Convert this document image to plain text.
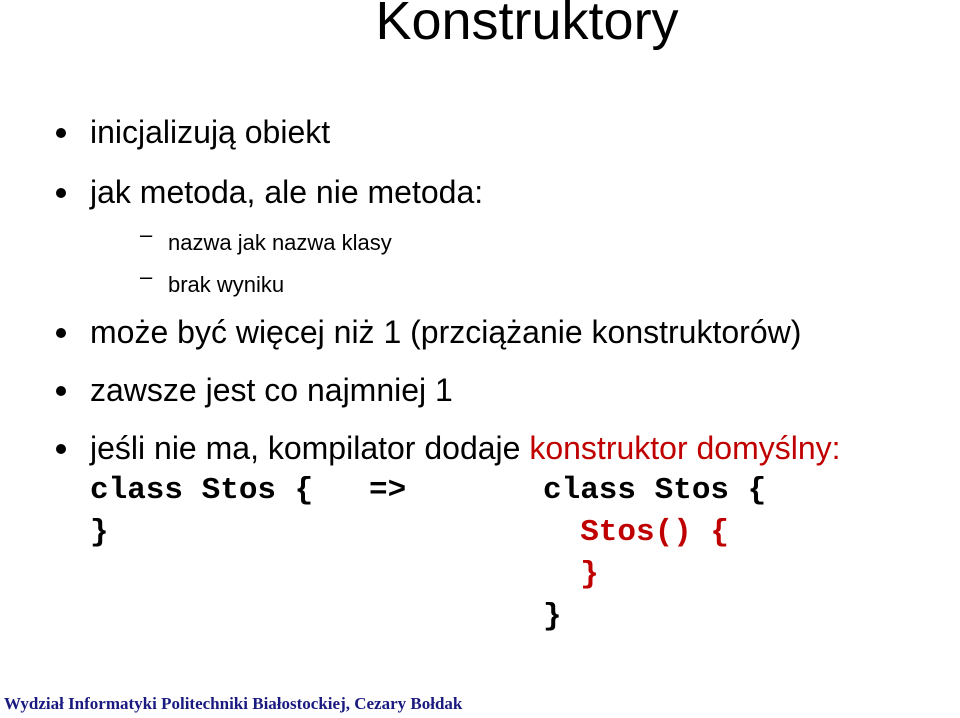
Konstruktory
inicjalizują obiekt
jak metoda, ale nie metoda:
– nazwa jak nazwa klasy
– brak wyniku
może być więcej niż 1 (przciążanie konstruktorów)
zawsze jest co najmniej 1
jeśli nie ma, kompilator dodaje konstruktor domyślny:
class Stos {   =>
}
class Stos {
Stos() {
}
}
Wydział Informatyki Politechniki Białostockiej, Cezary Bołdak
